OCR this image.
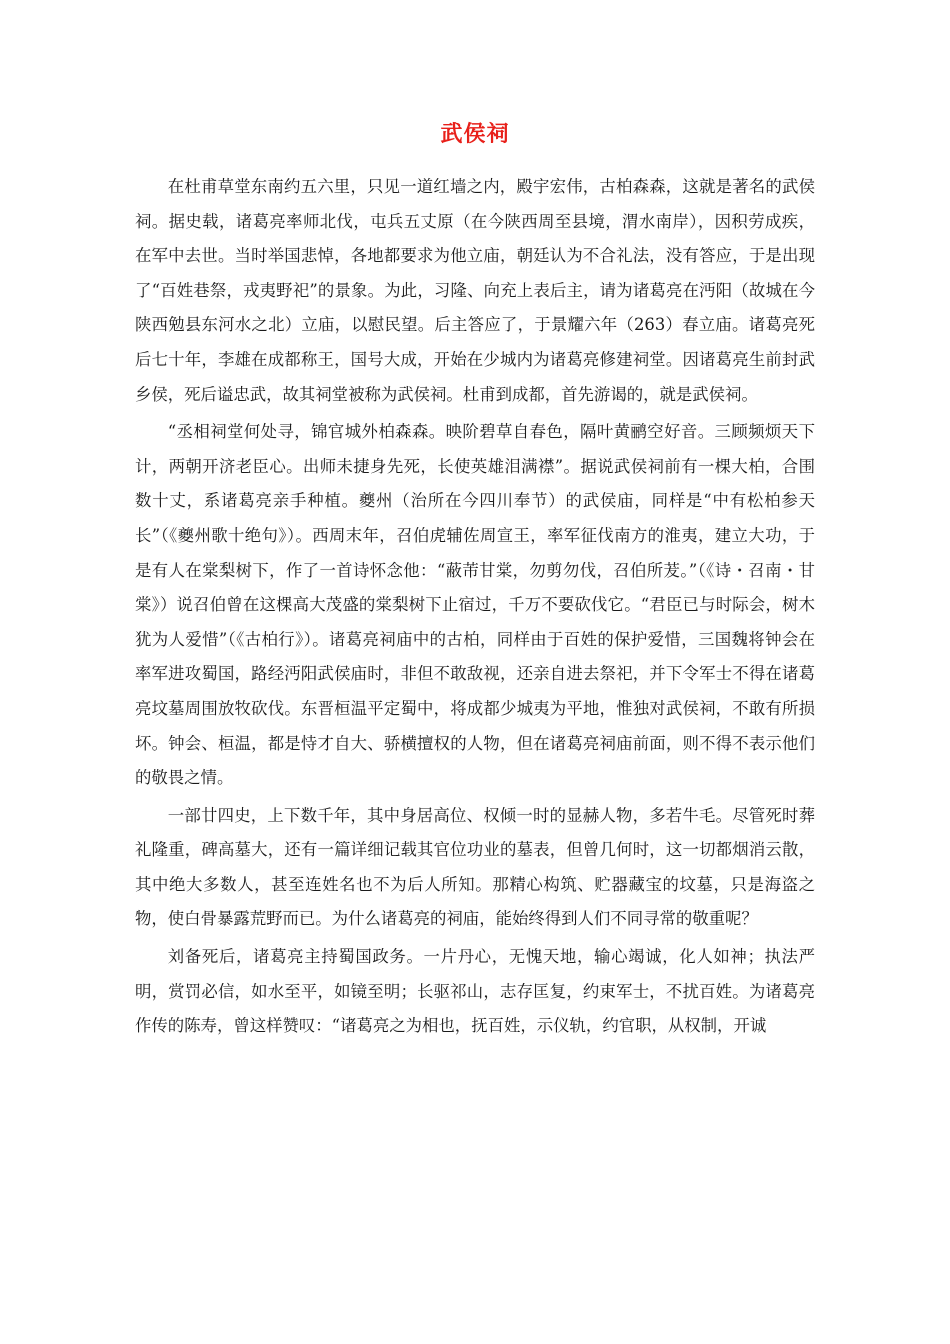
武侯祠

在杜甫草堂东南约五六里，只见一道红墙之内，殿宇宏伟，古柏森森，这就是著名的武侯祠。据史载，诸葛亮率师北伐，屯兵五丈原（在今陕西周至县境，渭水南岸），因积劳成疾，在军中去世。当时举国悲悼，各地都要求为他立庙，朝廷认为不合礼法，没有答应，于是出现了“百姓巷祭，戎夷野祀”的景象。为此，习隆、向充上表后主，请为诸葛亮在沔阳（故城在今陕西勉县东河水之北）立庙，以慰民望。后主答应了，于景耀六年（263）春立庙。诸葛亮死后七十年，李雄在成都称王，国号大成，开始在少城内为诸葛亮修建祠堂。因诸葛亮生前封武乡侯，死后谥忠武，故其祠堂被称为武侯祠。杜甫到成都，首先游谒的，就是武侯祠。

“丞相祠堂何处寻，锦官城外柏森森。映阶碧草自春色，隔叶黄鹂空好音。三顾频烦天下计，两朝开济老臣心。出师未捷身先死，长使英雄泪满襟”。据说武侯祠前有一棵大柏，合围数十丈，系诸葛亮亲手种植。夔州（治所在今四川奉节）的武侯庙，同样是“中有松柏参天长”（《夔州歌十绝句》）。西周末年，召伯虎辅佐周宣王，率军征伐南方的淮夷，建立大功，于是有人在棠梨树下，作了一首诗怀念他：“蔽芾甘棠，勿剪勿伐，召伯所茇。”（《诗・召南・甘棠》）说召伯曾在这棵高大茂盛的棠梨树下止宿过，千万不要砍伐它。“君臣已与时际会，树木犹为人爱惜”（《古柏行》）。诸葛亮祠庙中的古柏，同样由于百姓的保护爱惜，三国魏将钟会在率军进攻蜀国，路经沔阳武侯庙时，非但不敢敌视，还亲自进去祭祀，并下令军士不得在诸葛亮坟墓周围放牧砍伐。东晋桓温平定蜀中，将成都少城夷为平地，惟独对武侯祠，不敢有所损坏。钟会、桓温，都是恃才自大、骄横擅权的人物，但在诸葛亮祠庙前面，则不得不表示他们的敬畏之情。

一部廿四史，上下数千年，其中身居高位、权倾一时的显赫人物，多若牛毛。尽管死时葬礼隆重，碑高墓大，还有一篇详细记载其官位功业的墓表，但曾几何时，这一切都烟消云散，其中绝大多数人，甚至连姓名也不为后人所知。那精心构筑、贮器藏宝的坟墓，只是海盗之物，使白骨暴露荒野而已。为什么诸葛亮的祠庙，能始终得到人们不同寻常的敬重呢？

刘备死后，诸葛亮主持蜀国政务。一片丹心，无愧天地，输心竭诚，化人如神；执法严明，赏罚必信，如水至平，如镜至明；长驱祁山，志存匡复，约束军士，不扰百姓。为诸葛亮作传的陈寿，曾这样赞叹：“诸葛亮之为相也，抚百姓，示仪轨，约官职，从权制，开诚
